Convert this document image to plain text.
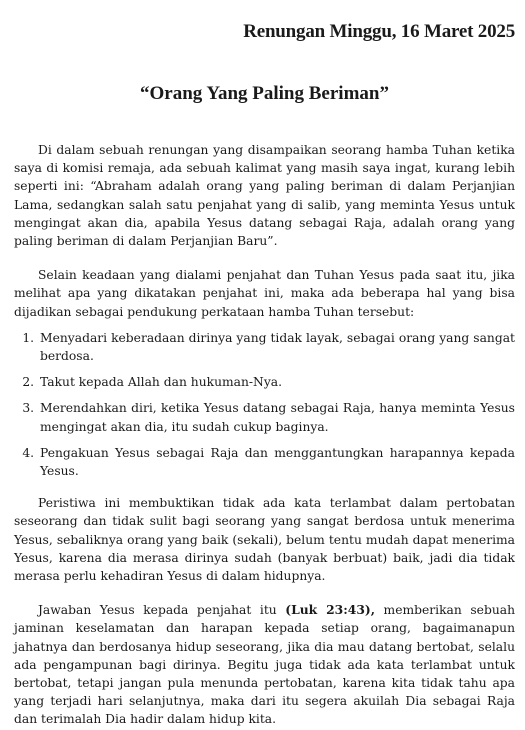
Renungan Minggu, 16 Maret 2025
“Orang Yang Paling Beriman”

Di dalam sebuah renungan yang disampaikan seorang hamba Tuhan ketika saya di komisi remaja, ada sebuah kalimat yang masih saya ingat, kurang lebih seperti ini: “Abraham adalah orang yang paling beriman di dalam Perjanjian Lama, sedangkan salah satu penjahat yang di salib, yang meminta Yesus untuk mengingat akan dia, apabila Yesus datang sebagai Raja, adalah orang yang paling beriman di dalam Perjanjian Baru”.

Selain keadaan yang dialami penjahat dan Tuhan Yesus pada saat itu, jika melihat apa yang dikatakan penjahat ini, maka ada beberapa hal yang bisa dijadikan sebagai pendukung perkataan hamba Tuhan tersebut:

1. Menyadari keberadaan dirinya yang tidak layak, sebagai orang yang sangat berdosa.
2. Takut kepada Allah dan hukuman-Nya.
3. Merendahkan diri, ketika Yesus datang sebagai Raja, hanya meminta Yesus mengingat akan dia, itu sudah cukup baginya.
4. Pengakuan Yesus sebagai Raja dan menggantungkan harapannya kepada Yesus.

Peristiwa ini membuktikan tidak ada kata terlambat dalam pertobatan seseorang dan tidak sulit bagi seorang yang sangat berdosa untuk menerima Yesus, sebaliknya orang yang baik (sekali), belum tentu mudah dapat menerima Yesus, karena dia merasa dirinya sudah (banyak berbuat) baik, jadi dia tidak merasa perlu kehadiran Yesus di dalam hidupnya.

Jawaban Yesus kepada penjahat itu (Luk 23:43), memberikan sebuah jaminan keselamatan dan harapan kepada setiap orang, bagaimanapun jahatnya dan berdosanya hidup seseorang, jika dia mau datang bertobat, selalu ada pengampunan bagi dirinya. Begitu juga tidak ada kata terlambat untuk bertobat, tetapi jangan pula menunda pertobatan, karena kita tidak tahu apa yang terjadi hari selanjutnya, maka dari itu segera akuilah Dia sebagai Raja dan terimalah Dia hadir dalam hidup kita.
